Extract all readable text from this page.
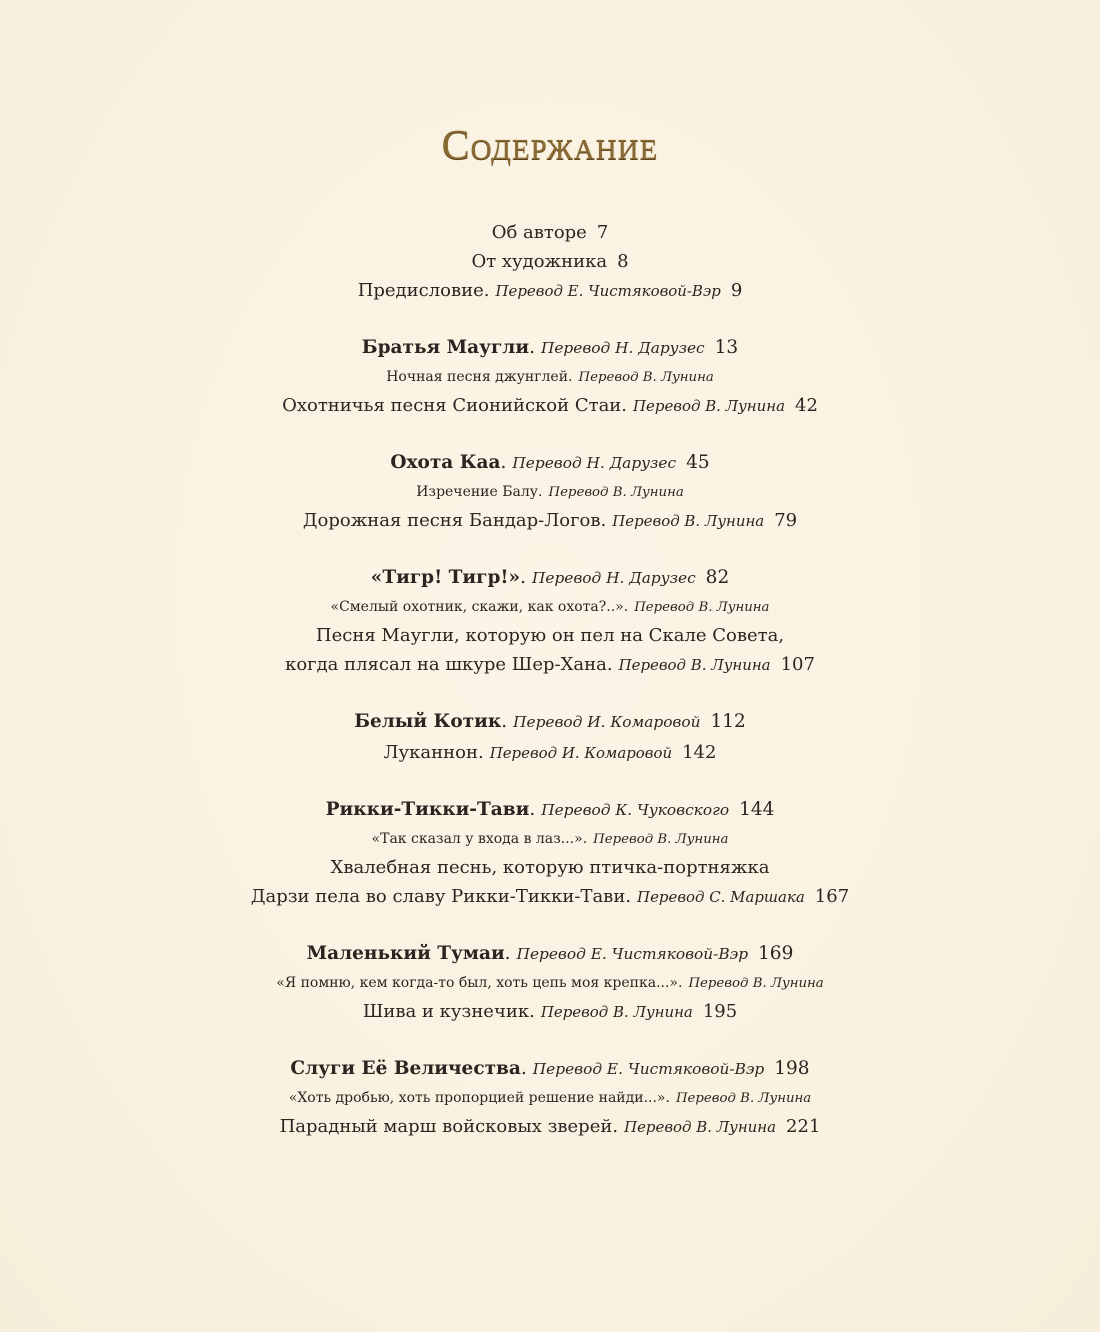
Содержание
Об авторе 7
От художника 8
Предисловие. Перевод Е. Чистяковой-Вэр 9
Братья Маугли. Перевод Н. Дарузес 13
Ночная песня джунглей. Перевод В. Лунина
Охотничья песня Сионийской Стаи. Перевод В. Лунина 42
Охота Каа. Перевод Н. Дарузес 45
Изречение Балу. Перевод В. Лунина
Дорожная песня Бандар-Логов. Перевод В. Лунина 79
«Тигр! Тигр!». Перевод Н. Дарузес 82
«Смелый охотник, скажи, как охота?..». Перевод В. Лунина
Песня Маугли, которую он пел на Скале Совета,
когда плясал на шкуре Шер-Хана. Перевод В. Лунина 107
Белый Котик. Перевод И. Комаровой 112
Луканнон. Перевод И. Комаровой 142
Рикки-Тикки-Тави. Перевод К. Чуковского 144
«Так сказал у входа в лаз...». Перевод В. Лунина
Хвалебная песнь, которую птичка-портняжка
Дарзи пела во славу Рикки-Тикки-Тави. Перевод С. Маршака 167
Маленький Тумаи. Перевод Е. Чистяковой-Вэр 169
«Я помню, кем когда-то был, хоть цепь моя крепка...». Перевод В. Лунина
Шива и кузнечик. Перевод В. Лунина 195
Слуги Её Величества. Перевод Е. Чистяковой-Вэр 198
«Хоть дробью, хоть пропорцией решение найди...». Перевод В. Лунина
Парадный марш войсковых зверей. Перевод В. Лунина 221
